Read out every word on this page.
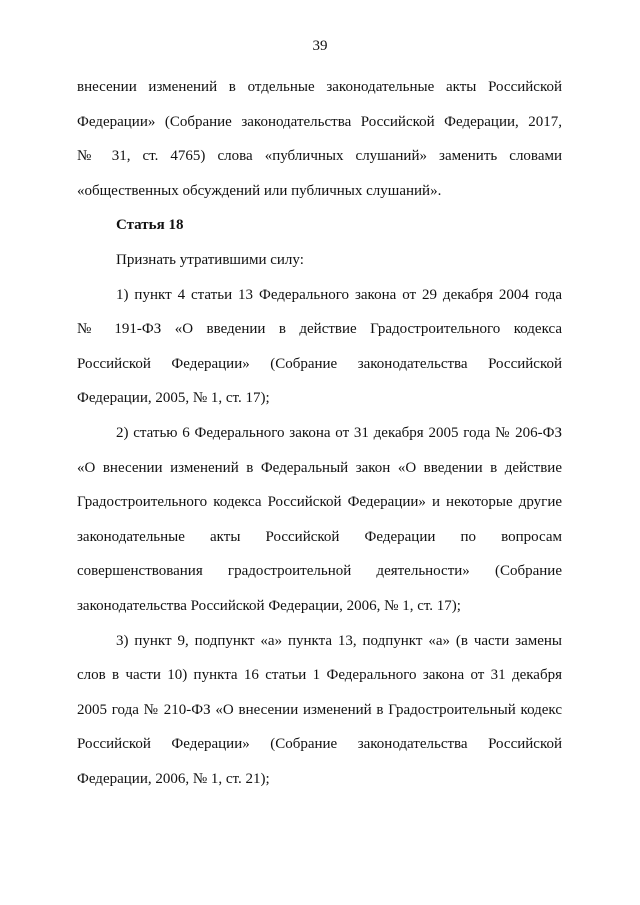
39
внесении изменений в отдельные законодательные акты Российской
Федерации» (Собрание законодательства Российской Федерации, 2017,
№ 31, ст. 4765) слова «публичных слушаний» заменить словами
«общественных обсуждений или публичных слушаний».
Статья 18
Признать утратившими силу:
1) пункт 4 статьи 13 Федерального закона от 29 декабря 2004 года
№ 191-ФЗ «О введении в действие Градостроительного кодекса
Российской Федерации» (Собрание законодательства Российской
Федерации, 2005, № 1, ст. 17);
2) статью 6 Федерального закона от 31 декабря 2005 года № 206-ФЗ
«О внесении изменений в Федеральный закон «О введении в действие
Градостроительного кодекса Российской Федерации» и некоторые другие
законодательные акты Российской Федерации по вопросам
совершенствования градостроительной деятельности» (Собрание
законодательства Российской Федерации, 2006, № 1, ст. 17);
3) пункт 9, подпункт «а» пункта 13, подпункт «а» (в части замены
слов в части 10) пункта 16 статьи 1 Федерального закона от 31 декабря
2005 года № 210-ФЗ «О внесении изменений в Градостроительный кодекс
Российской Федерации» (Собрание законодательства Российской
Федерации, 2006, № 1, ст. 21);
